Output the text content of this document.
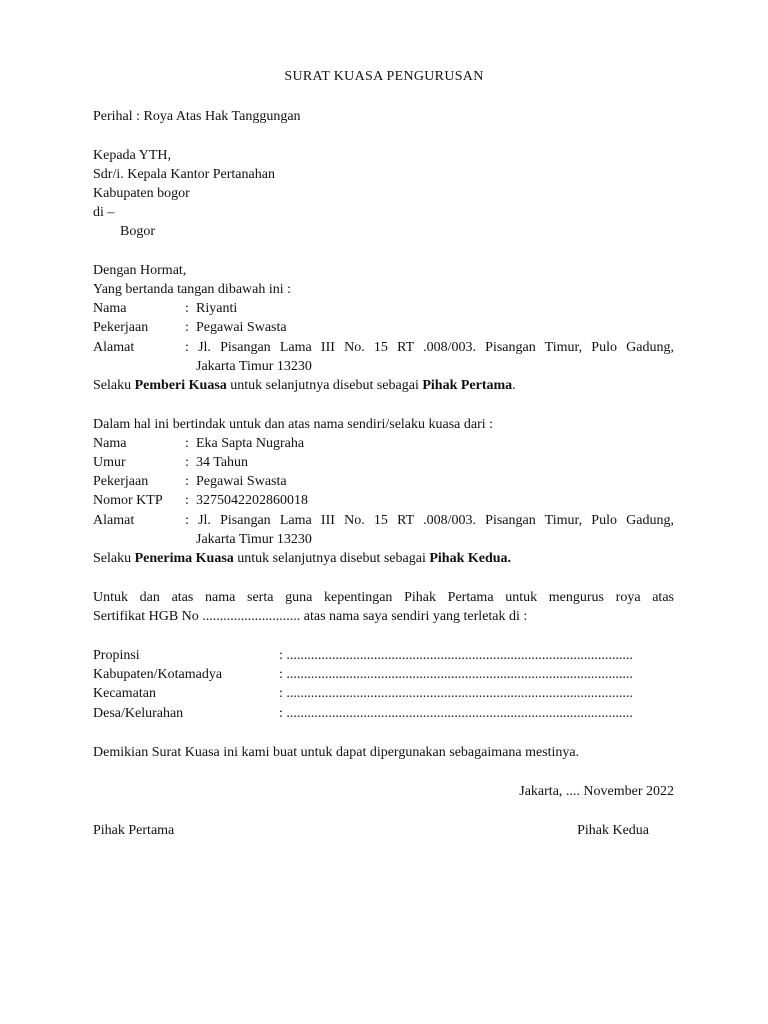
SURAT KUASA PENGURUSAN
Perihal : Roya Atas Hak Tanggungan
Kepada YTH,
Sdr/i. Kepala Kantor Pertanahan
Kabupaten bogor
di –
Bogor
Dengan Hormat,
Yang bertanda tangan dibawah ini :
Nama	: Riyanti
Pekerjaan	: Pegawai Swasta
Alamat	: Jl. Pisangan Lama III No. 15 RT .008/003. Pisangan Timur, Pulo Gadung,
Jakarta Timur 13230
Selaku Pemberi Kuasa untuk selanjutnya disebut sebagai Pihak Pertama.
Dalam hal ini bertindak untuk dan atas nama sendiri/selaku kuasa dari :
Nama	: Eka Sapta Nugraha
Umur	: 34 Tahun
Pekerjaan	: Pegawai Swasta
Nomor KTP : 3275042202860018
Alamat	: Jl. Pisangan Lama III No. 15 RT .008/003. Pisangan Timur, Pulo Gadung,
Jakarta Timur 13230
Selaku Penerima Kuasa untuk selanjutnya disebut sebagai Pihak Kedua.
Untuk dan atas nama serta guna kepentingan Pihak Pertama untuk mengurus roya atas
Sertifikat HGB No ............................ atas nama saya sendiri yang terletak di :
Propinsi	: ...................................................................................................
Kabupaten/Kotamadya	: ...................................................................................................
Kecamatan	: ...................................................................................................
Desa/Kelurahan	: ...................................................................................................
Demikian Surat Kuasa ini kami buat untuk dapat dipergunakan sebagaimana mestinya.
Jakarta, .... November 2022
Pihak Pertama	Pihak Kedua
